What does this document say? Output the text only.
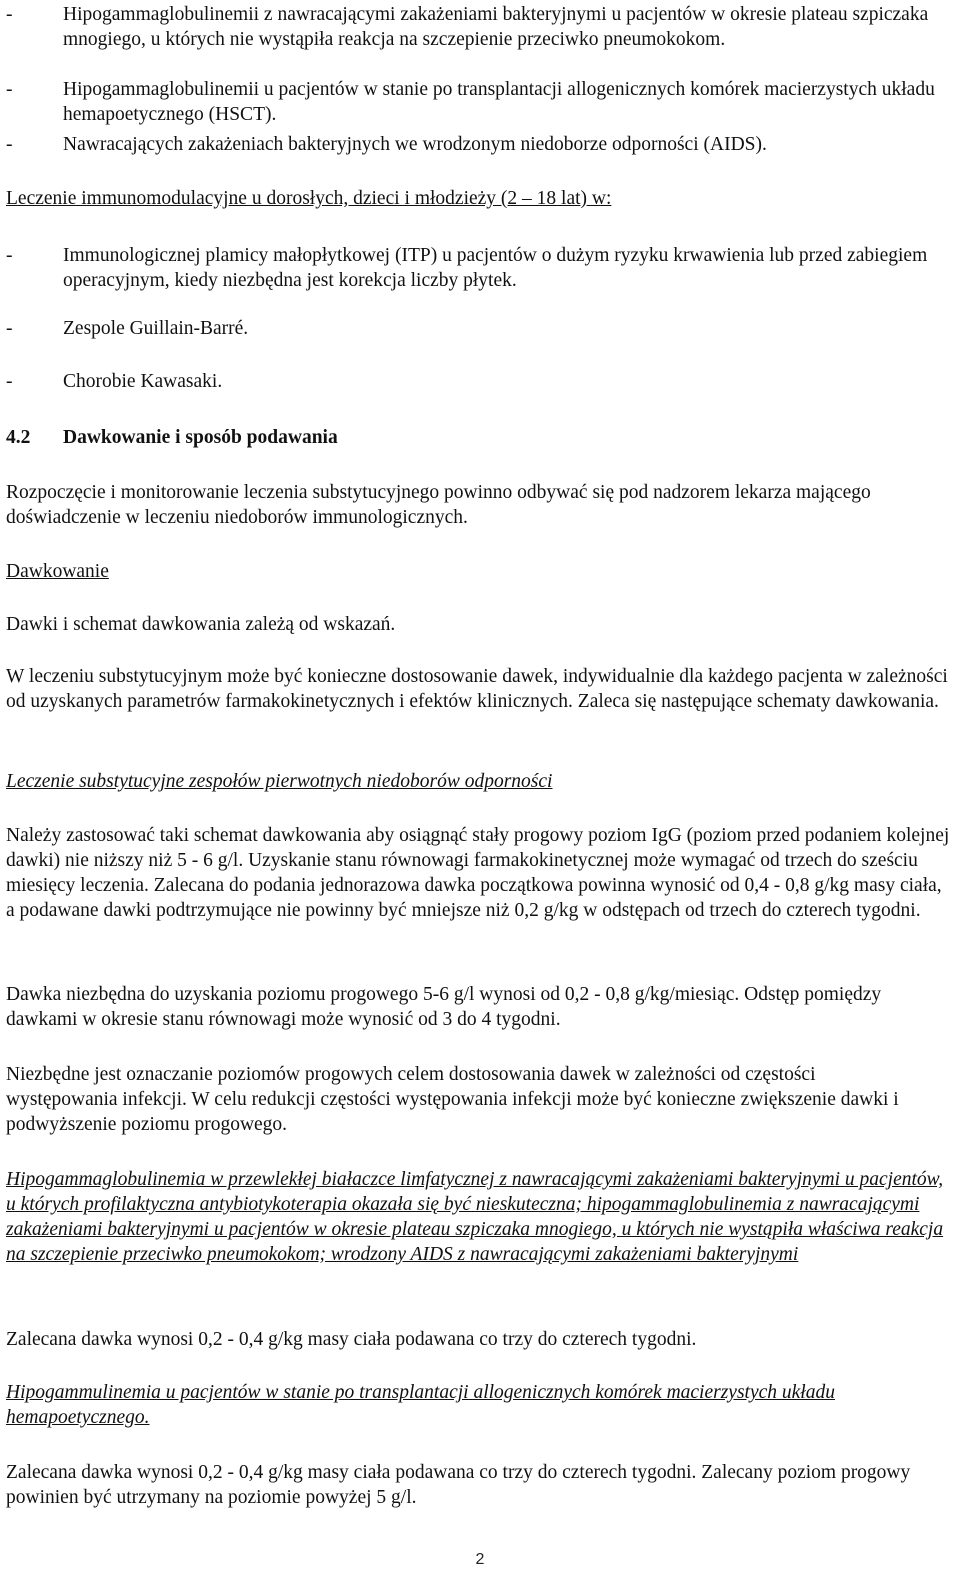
-	Hipogammaglobulinemii z nawracającymi zakażeniami bakteryjnymi u pacjentów w okresie plateau szpiczaka mnogiego, u których nie wystąpiła reakcja na szczepienie przeciwko pneumokokom.
-	Hipogammaglobulinemii u pacjentów w stanie po transplantacji allogenicznych komórek macierzystych układu hemapoetycznego (HSCT).
-	Nawracających zakażeniach bakteryjnych we wrodzonym niedoborze odporności (AIDS).

Leczenie immunomodulacyjne u dorosłych, dzieci i młodzieży (2 – 18 lat) w:

-	Immunologicznej plamicy małopłytkowej (ITP) u pacjentów o dużym ryzyku krwawienia lub przed zabiegiem operacyjnym, kiedy niezbędna jest korekcja liczby płytek.
-	Zespole Guillain-Barré.
-	Chorobie Kawasaki.

4.2 Dawkowanie i sposób podawania

Rozpoczęcie i monitorowanie leczenia substytucyjnego powinno odbywać się pod nadzorem lekarza mającego doświadczenie w leczeniu niedoborów immunologicznych.

Dawkowanie

Dawki i schemat dawkowania zależą od wskazań.

W leczeniu substytucyjnym może być konieczne dostosowanie dawek, indywidualnie dla każdego pacjenta w zależności od uzyskanych parametrów farmakokinetycznych i efektów klinicznych. Zaleca się następujące schematy dawkowania.

Leczenie substytucyjne zespołów pierwotnych niedoborów odporności

Należy zastosować taki schemat dawkowania aby osiągnąć stały progowy poziom IgG (poziom przed podaniem kolejnej dawki) nie niższy niż 5 - 6 g/l. Uzyskanie stanu równowagi farmakokinetycznej może wymagać od trzech do sześciu miesięcy leczenia. Zalecana do podania jednorazowa dawka początkowa powinna wynosić od 0,4 - 0,8 g/kg masy ciała, a podawane dawki podtrzymujące nie powinny być mniejsze niż 0,2 g/kg w odstępach od trzech do czterech tygodni.

Dawka niezbędna do uzyskania poziomu progowego 5-6 g/l wynosi od 0,2 - 0,8 g/kg/miesiąc. Odstęp pomiędzy dawkami w okresie stanu równowagi może wynosić od 3 do 4 tygodni.

Niezbędne jest oznaczanie poziomów progowych celem dostosowania dawek w zależności od częstości występowania infekcji. W celu redukcji częstości występowania infekcji może być konieczne zwiększenie dawki i podwyższenie poziomu progowego.

Hipogammaglobulinemia w przewlekłej białaczce limfatycznej z nawracającymi zakażeniami bakteryjnymi u pacjentów, u których profilaktyczna antybiotykoterapia okazała się być nieskuteczna; hipogammaglobulinemia z nawracającymi zakażeniami bakteryjnymi u pacjentów w okresie plateau szpiczaka mnogiego, u których nie wystąpiła właściwa reakcja na szczepienie przeciwko pneumokokom; wrodzony AIDS z nawracającymi zakażeniami bakteryjnymi

Zalecana dawka wynosi 0,2 - 0,4 g/kg masy ciała podawana co trzy do czterech tygodni.

Hipogammulinemia u pacjentów w stanie po transplantacji allogenicznych komórek macierzystych układu hemapoetycznego.

Zalecana dawka wynosi 0,2 - 0,4 g/kg masy ciała podawana co trzy do czterech tygodni. Zalecany poziom progowy powinien być utrzymany na poziomie powyżej 5 g/l.

2
